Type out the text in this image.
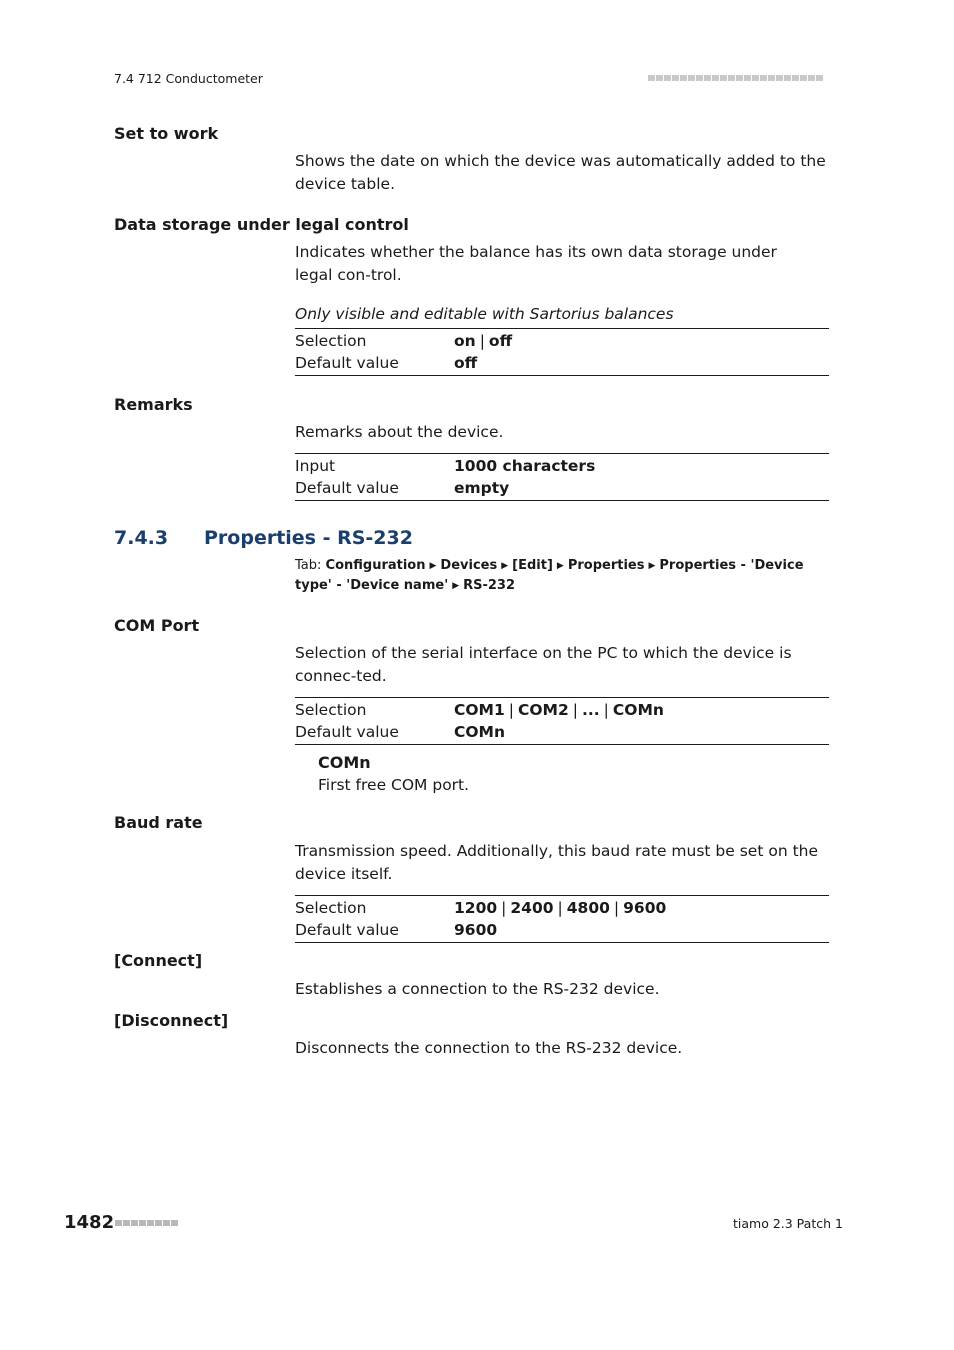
7.4 712 Conductometer
Set to work
Shows the date on which the device was automatically added to the device table.
Data storage under legal control
Indicates whether the balance has its own data storage under legal con-trol.
Only visible and editable with Sartorius balances
Selection	on | off
Default value	off
Remarks
Remarks about the device.
Input	1000 characters
Default value	empty
7.4.3 Properties - RS-232
Tab: Configuration ▶ Devices ▶ [Edit] ▶ Properties ▶ Properties - 'Device type' - 'Device name' ▶ RS-232
COM Port
Selection of the serial interface on the PC to which the device is connec-ted.
Selection	COM1 | COM2 | ... | COMn
Default value	COMn
COMn
First free COM port.
Baud rate
Transmission speed. Additionally, this baud rate must be set on the device itself.
Selection	1200 | 2400 | 4800 | 9600
Default value	9600
[Connect]
Establishes a connection to the RS-232 device.
[Disconnect]
Disconnects the connection to the RS-232 device.
1482	tiamo 2.3 Patch 1
